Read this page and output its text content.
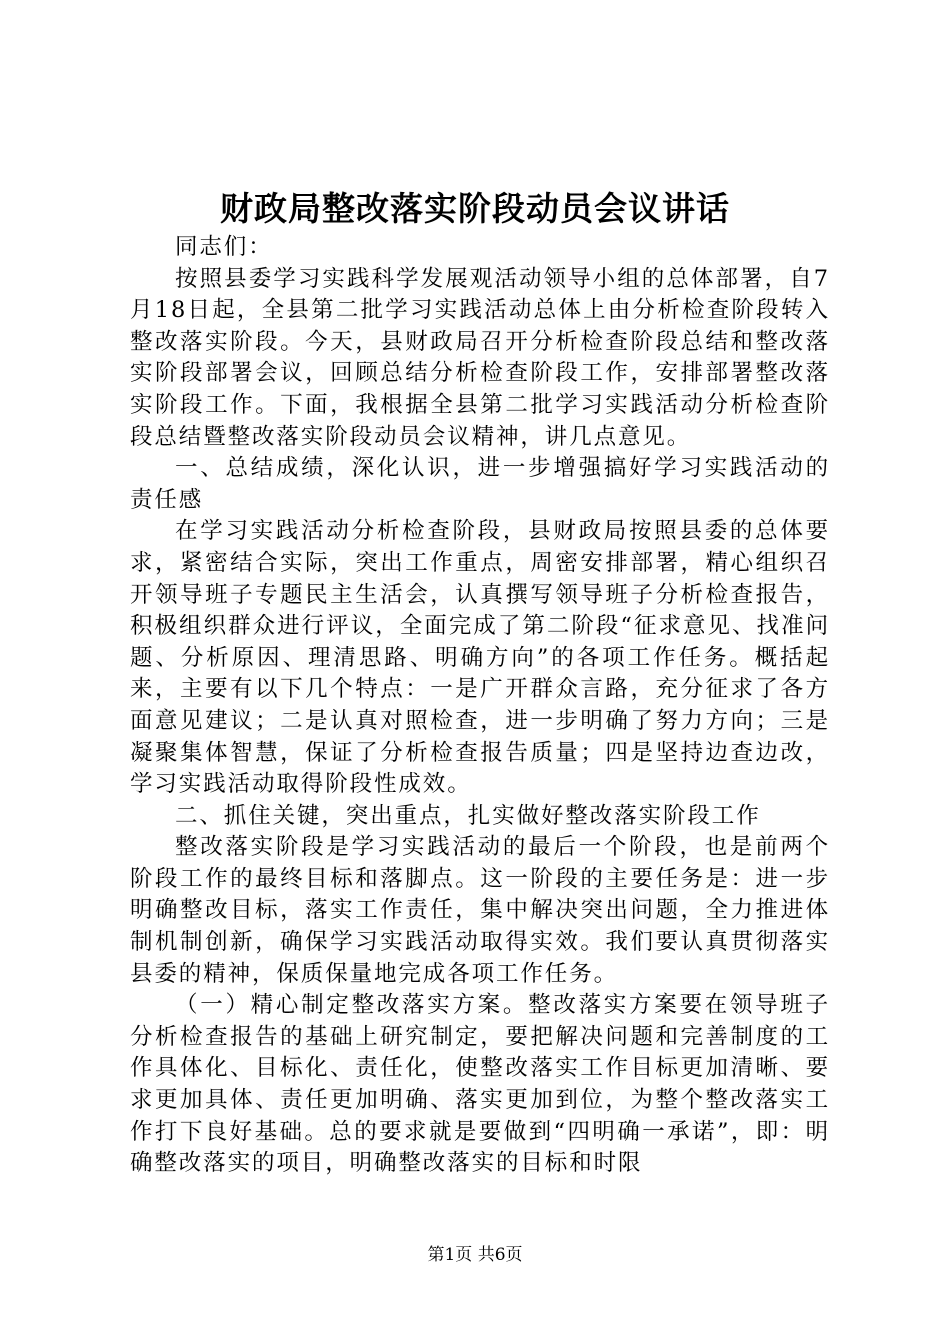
财政局整改落实阶段动员会议讲话

同志们：

按照县委学习实践科学发展观活动领导小组的总体部署，自7月18日起，全县第二批学习实践活动总体上由分析检查阶段转入整改落实阶段。今天，县财政局召开分析检查阶段总结和整改落实阶段部署会议，回顾总结分析检查阶段工作，安排部署整改落实阶段工作。下面，我根据全县第二批学习实践活动分析检查阶段总结暨整改落实阶段动员会议精神，讲几点意见。

一、总结成绩，深化认识，进一步增强搞好学习实践活动的责任感

在学习实践活动分析检查阶段，县财政局按照县委的总体要求，紧密结合实际，突出工作重点，周密安排部署，精心组织召开领导班子专题民主生活会，认真撰写领导班子分析检查报告，积极组织群众进行评议，全面完成了第二阶段“征求意见、找准问题、分析原因、理清思路、明确方向”的各项工作任务。概括起来，主要有以下几个特点：一是广开群众言路，充分征求了各方面意见建议；二是认真对照检查，进一步明确了努力方向；三是凝聚集体智慧，保证了分析检查报告质量；四是坚持边查边改，学习实践活动取得阶段性成效。

二、抓住关键，突出重点，扎实做好整改落实阶段工作

整改落实阶段是学习实践活动的最后一个阶段，也是前两个阶段工作的最终目标和落脚点。这一阶段的主要任务是：进一步明确整改目标，落实工作责任，集中解决突出问题，全力推进体制机制创新，确保学习实践活动取得实效。我们要认真贯彻落实县委的精神，保质保量地完成各项工作任务。

（一）精心制定整改落实方案。整改落实方案要在领导班子分析检查报告的基础上研究制定，要把解决问题和完善制度的工作具体化、目标化、责任化，使整改落实工作目标更加清晰、要求更加具体、责任更加明确、落实更加到位，为整个整改落实工作打下良好基础。总的要求就是要做到“四明确一承诺”，即：明确整改落实的项目，明确整改落实的目标和时限

第1页 共6页
